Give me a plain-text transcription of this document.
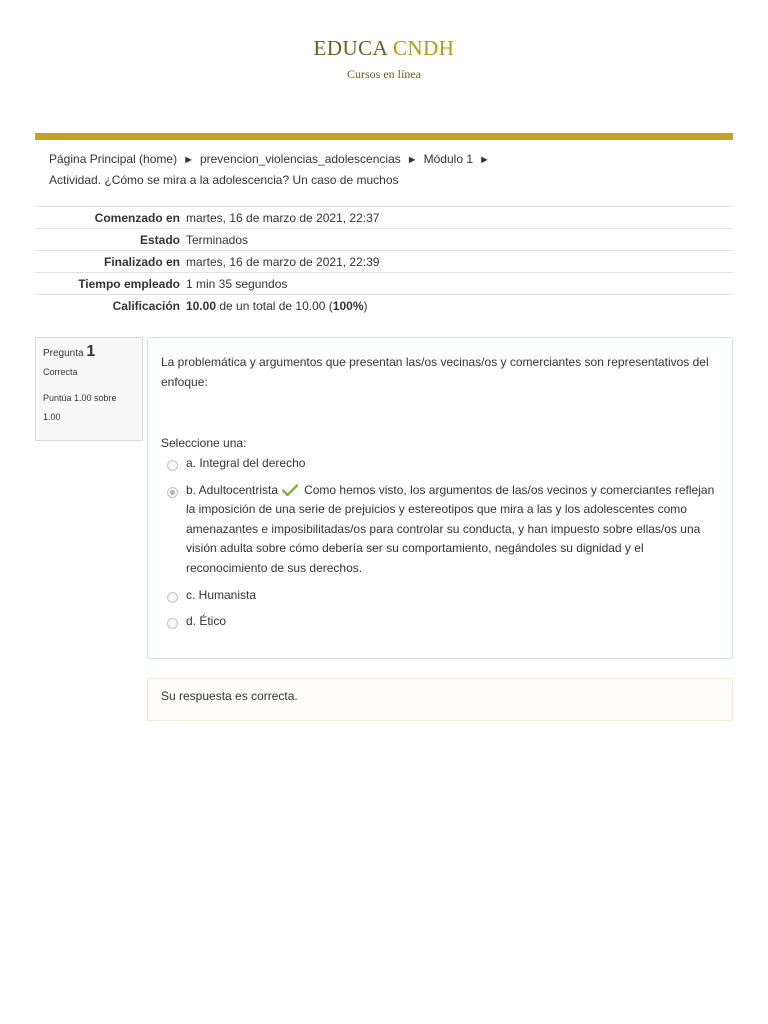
EDUCA CNDH
Cursos en línea
Página Principal (home) ► prevencion_violencias_adolescencias ► Módulo 1 ►
Actividad. ¿Cómo se mira a la adolescencia? Un caso de muchos
Comenzado en	martes, 16 de marzo de 2021, 22:37
Estado	Terminados
Finalizado en	martes, 16 de marzo de 2021, 22:39
Tiempo empleado	1 min 35 segundos
Calificación	10.00 de un total de 10.00 (100%)
Pregunta 1
Correcta
Puntúa 1.00 sobre 1.00
La problemática y argumentos que presentan las/os vecinas/os y comerciantes son representativos del enfoque:
Seleccione una:
a. Integral del derecho
b. Adultocentrista Como hemos visto, los argumentos de las/os vecinos y comerciantes reflejan la imposición de una serie de prejuicios y estereotipos que mira a las y los adolescentes como amenazantes e imposibilitadas/os para controlar su conducta, y han impuesto sobre ellas/os una visión adulta sobre cómo debería ser su comportamiento, negándoles su dignidad y el reconocimiento de sus derechos.
c. Humanista
d. Ético
Su respuesta es correcta.
